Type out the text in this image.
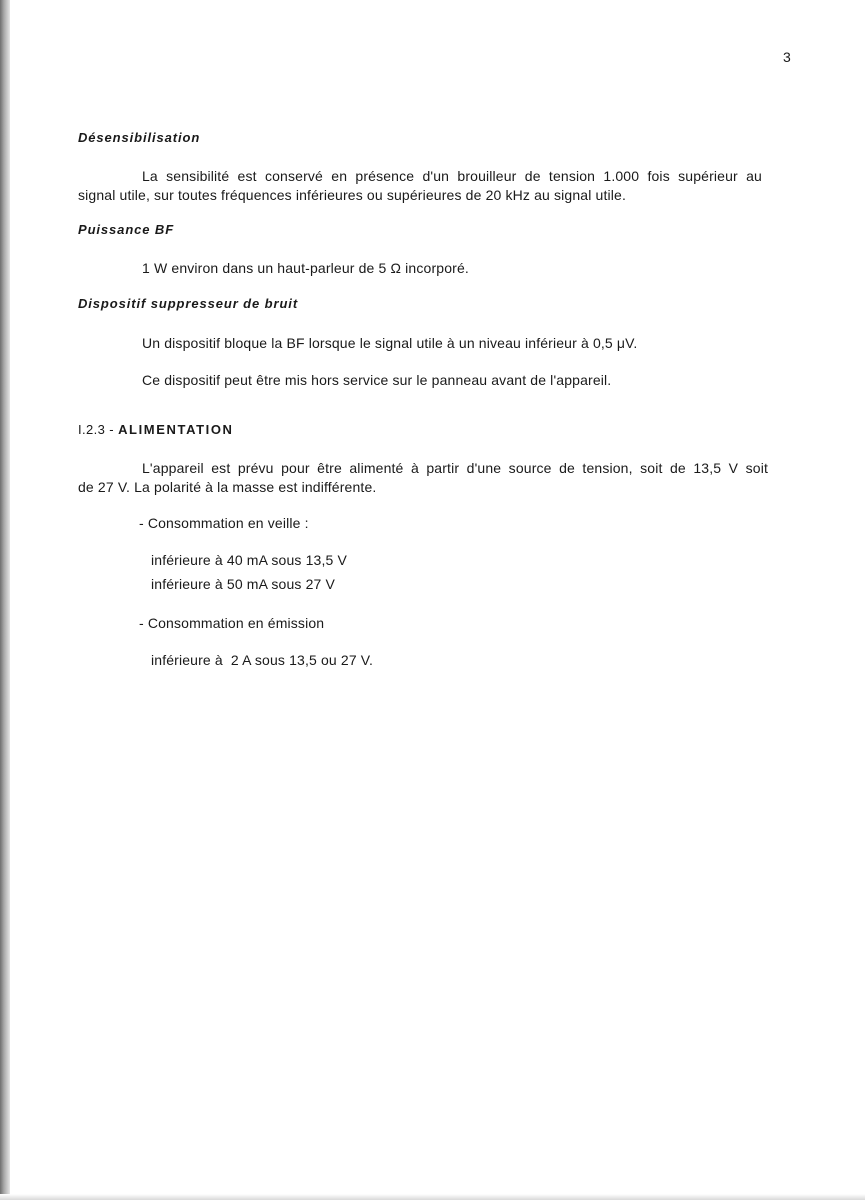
3

Désensibilisation

La sensibilité est conservé en présence d'un brouilleur de tension 1.000 fois supérieur au

signal utile, sur toutes fréquences inférieures ou supérieures de 20 kHz au signal utile.

Puissance BF

1 W environ dans un haut-parleur de 5 Ω incorporé.

Dispositif suppresseur de bruit

Un dispositif bloque la BF lorsque le signal utile à un niveau inférieur à 0,5 μV.

Ce dispositif peut être mis hors service sur le panneau avant de l'appareil.

I.2.3 - ALIMENTATION

L'appareil est prévu pour être alimenté à partir d'une source de tension, soit de 13,5 V soit

de 27 V. La polarité à la masse est indifférente.

- Consommation en veille :

inférieure à 40 mA sous 13,5 V

inférieure à 50 mA sous 27 V

- Consommation en émission

inférieure à  2 A sous 13,5 ou 27 V.
